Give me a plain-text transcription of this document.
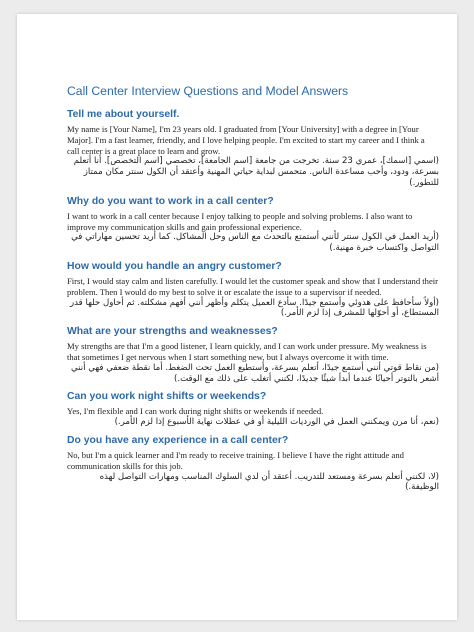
Call Center Interview Questions and Model Answers
Tell me about yourself.

My name is [Your Name], I'm 23 years old. I graduated from [Your University] with a degree in [Your Major]. I'm a fast learner, friendly, and I love helping people. I'm excited to start my career and I think a call center is a great place to learn and grow.

(اسمي [اسمك]، عمري 23 سنة. تخرجت من جامعة [اسم الجامعة]، تخصصي [اسم التخصص]. أنا أتعلم بسرعة، ودود، وأحب مساعدة الناس. متحمس لبداية حياتي المهنية وأعتقد أن الكول سنتر مكان ممتاز للتطور.)

Why do you want to work in a call center?

I want to work in a call center because I enjoy talking to people and solving problems. I also want to improve my communication skills and gain professional experience.

(أريد العمل في الكول سنتر لأنني أستمتع بالتحدث مع الناس وحل المشاكل. كما أريد تحسين مهاراتي في التواصل واكتساب خبرة مهنية.)

How would you handle an angry customer?

First, I would stay calm and listen carefully. I would let the customer speak and show that I understand their problem. Then I would do my best to solve it or escalate the issue to a supervisor if needed.

(أولاً سأحافظ على هدوئي وأستمع جيدًا. سأدع العميل يتكلم وأظهر أنني أفهم مشكلته. ثم أحاول حلها قدر المستطاع، أو أحوّلها للمشرف إذا لزم الأمر.)

What are your strengths and weaknesses?

My strengths are that I'm a good listener, I learn quickly, and I can work under pressure. My weakness is that sometimes I get nervous when I start something new, but I always overcome it with time.

(من نقاط قوتي أنني أستمع جيدًا، أتعلم بسرعة، وأستطيع العمل تحت الضغط. أما نقطة ضعفي فهي أنني أشعر بالتوتر أحيانًا عندما أبدأ شيئًا جديدًا، لكنني أتغلب على ذلك مع الوقت.)

Can you work night shifts or weekends?

Yes, I'm flexible and I can work during night shifts or weekends if needed.

(نعم، أنا مرن ويمكنني العمل في الورديات الليلية أو في عطلات نهاية الأسبوع إذا لزم الأمر.)

Do you have any experience in a call center?

No, but I'm a quick learner and I'm ready to receive training. I believe I have the right attitude and communication skills for this job.

(لا، لكنني أتعلم بسرعة ومستعد للتدريب. أعتقد أن لدي السلوك المناسب ومهارات التواصل لهذه الوظيفة.)
